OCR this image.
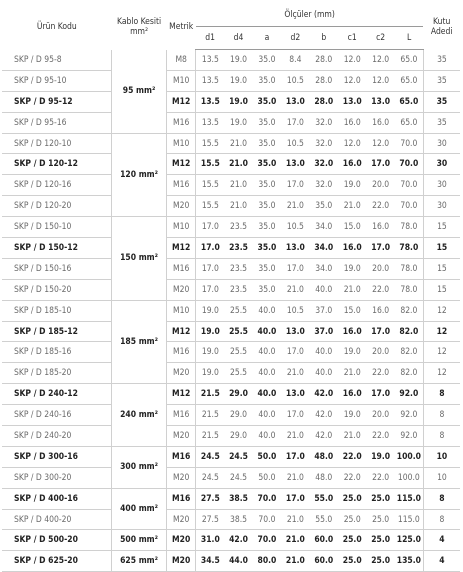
Ürün Kodu	Kablo Kesiti
mm²	Metrik	Ölçüler (mm)								Kutu
Adedi
			d1	d4	a	d2	b	c1	c2	L	
SKP / D 95-8	95 mm²	M8	13.5	19.0	35.0	8.4	28.0	12.0	12.0	65.0	35
SKP / D 95-10		M10	13.5	19.0	35.0	10.5	28.0	12.0	12.0	65.0	35
SKP / D 95-12		M12	13.5	19.0	35.0	13.0	28.0	13.0	13.0	65.0	35
SKP / D 95-16		M16	13.5	19.0	35.0	17.0	32.0	16.0	16.0	65.0	35
SKP / D 120-10	120 mm²	M10	15.5	21.0	35.0	10.5	32.0	12.0	12.0	70.0	30
SKP / D 120-12		M12	15.5	21.0	35.0	13.0	32.0	16.0	17.0	70.0	30
SKP / D 120-16		M16	15.5	21.0	35.0	17.0	32.0	19.0	20.0	70.0	30
SKP / D 120-20		M20	15.5	21.0	35.0	21.0	35.0	21.0	22.0	70.0	30
SKP / D 150-10	150 mm²	M10	17.0	23.5	35.0	10.5	34.0	15.0	16.0	78.0	15
SKP / D 150-12		M12	17.0	23.5	35.0	13.0	34.0	16.0	17.0	78.0	15
SKP / D 150-16		M16	17.0	23.5	35.0	17.0	34.0	19.0	20.0	78.0	15
SKP / D 150-20		M20	17.0	23.5	35.0	21.0	40.0	21.0	22.0	78.0	15
SKP / D 185-10	185 mm²	M10	19.0	25.5	40.0	10.5	37.0	15.0	16.0	82.0	12
SKP / D 185-12		M12	19.0	25.5	40.0	13.0	37.0	16.0	17.0	82.0	12
SKP / D 185-16		M16	19.0	25.5	40.0	17.0	40.0	19.0	20.0	82.0	12
SKP / D 185-20		M20	19.0	25.5	40.0	21.0	40.0	21.0	22.0	82.0	12
SKP / D 240-12	240 mm²	M12	21.5	29.0	40.0	13.0	42.0	16.0	17.0	92.0	8
SKP / D 240-16		M16	21.5	29.0	40.0	17.0	42.0	19.0	20.0	92.0	8
SKP / D 240-20		M20	21.5	29.0	40.0	21.0	42.0	21.0	22.0	92.0	8
SKP / D 300-16	300 mm²	M16	24.5	24.5	50.0	17.0	48.0	22.0	19.0	100.0	10
SKP / D 300-20		M20	24.5	24.5	50.0	21.0	48.0	22.0	22.0	100.0	10
SKP / D 400-16	400 mm²	M16	27.5	38.5	70.0	17.0	55.0	25.0	25.0	115.0	8
SKP / D 400-20		M20	27.5	38.5	70.0	21.0	55.0	25.0	25.0	115.0	8
SKP / D 500-20	500 mm²	M20	31.0	42.0	70.0	21.0	60.0	25.0	25.0	125.0	4
SKP / D 625-20	625 mm²	M20	34.5	44.0	80.0	21.0	60.0	25.0	25.0	135.0	4
